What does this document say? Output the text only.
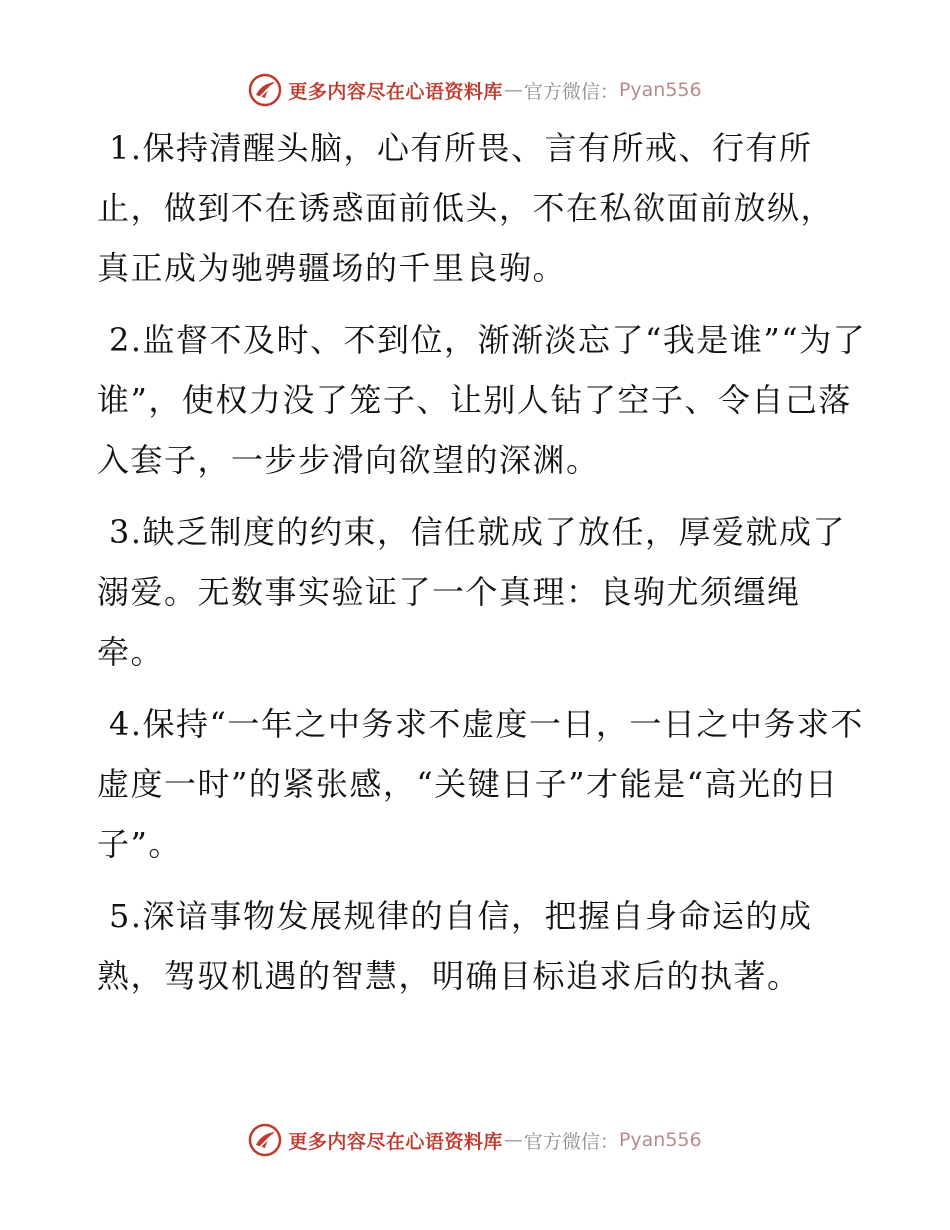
更多内容尽在心语资料库 — 官方微信： Pyan556

1.保持清醒头脑，心有所畏、言有所戒、行有所止，做到不在诱惑面前低头，不在私欲面前放纵，真正成为驰骋疆场的千里良驹。

2.监督不及时、不到位，渐渐淡忘了“我是谁”“为了谁”，使权力没了笼子、让别人钻了空子、令自己落入套子，一步步滑向欲望的深渊。

3.缺乏制度的约束，信任就成了放任，厚爱就成了溺爱。无数事实验证了一个真理：良驹尤须缰绳牵。

4.保持“一年之中务求不虚度一日，一日之中务求不虚度一时”的紧张感，“关键日子”才能是“高光的日子”。

5.深谙事物发展规律的自信，把握自身命运的成熟，驾驭机遇的智慧，明确目标追求后的执著。

更多内容尽在心语资料库 — 官方微信： Pyan556
